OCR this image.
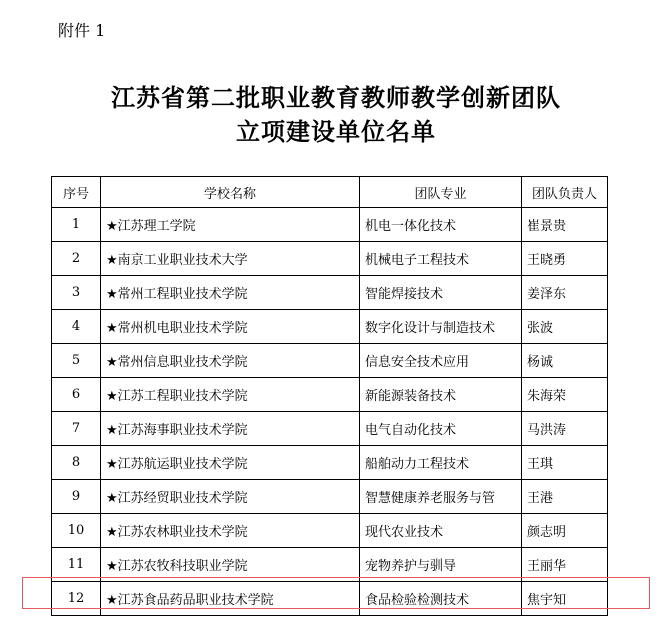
附件 1
江苏省第二批职业教育教师教学创新团队
立项建设单位名单
序号	学校名称	团队专业	团队负责人
1	★江苏理工学院	机电一体化技术	崔景贵
2	★南京工业职业技术大学	机械电子工程技术	王晓勇
3	★常州工程职业技术学院	智能焊接技术	姜泽东
4	★常州机电职业技术学院	数字化设计与制造技术	张波
5	★常州信息职业技术学院	信息安全技术应用	杨诚
6	★江苏工程职业技术学院	新能源装备技术	朱海荣
7	★江苏海事职业技术学院	电气自动化技术	马洪涛
8	★江苏航运职业技术学院	船舶动力工程技术	王琪
9	★江苏经贸职业技术学院	智慧健康养老服务与管	王港
10	★江苏农林职业技术学院	现代农业技术	颜志明
11	★江苏农牧科技职业学院	宠物养护与驯导	王丽华
12	★江苏食品药品职业技术学院	食品检验检测技术	焦宇知
